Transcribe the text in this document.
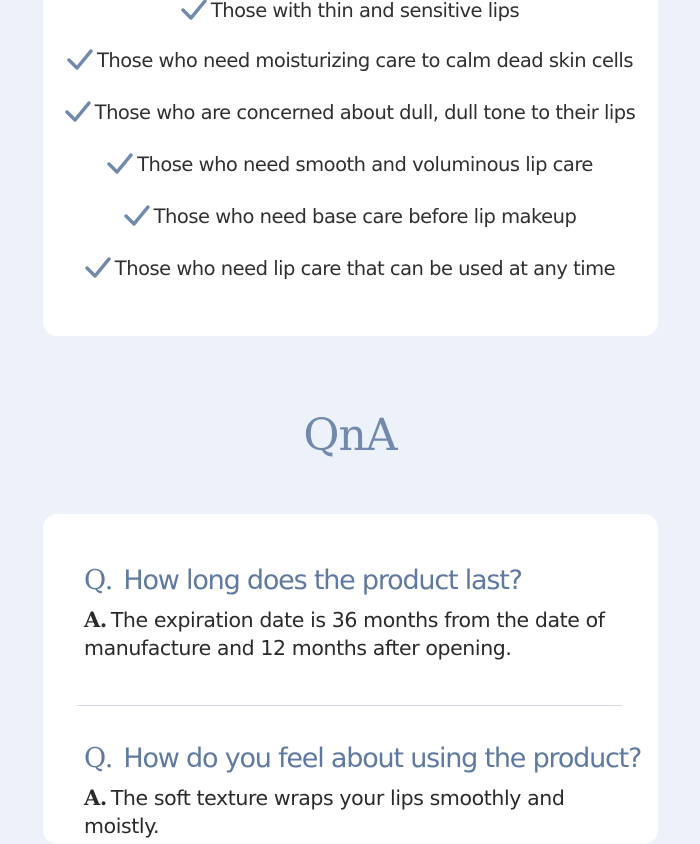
Those with thin and sensitive lips
Those who need moisturizing care to calm dead skin cells
Those who are concerned about dull, dull tone to their lips
Those who need smooth and voluminous lip care
Those who need base care before lip makeup
Those who need lip care that can be used at any time
QnA

Q. How long does the product last?

A. The expiration date is 36 months from the date of manufacture and 12 months after opening.

Q. How do you feel about using the product?

A. The soft texture wraps your lips smoothly and moistly.
